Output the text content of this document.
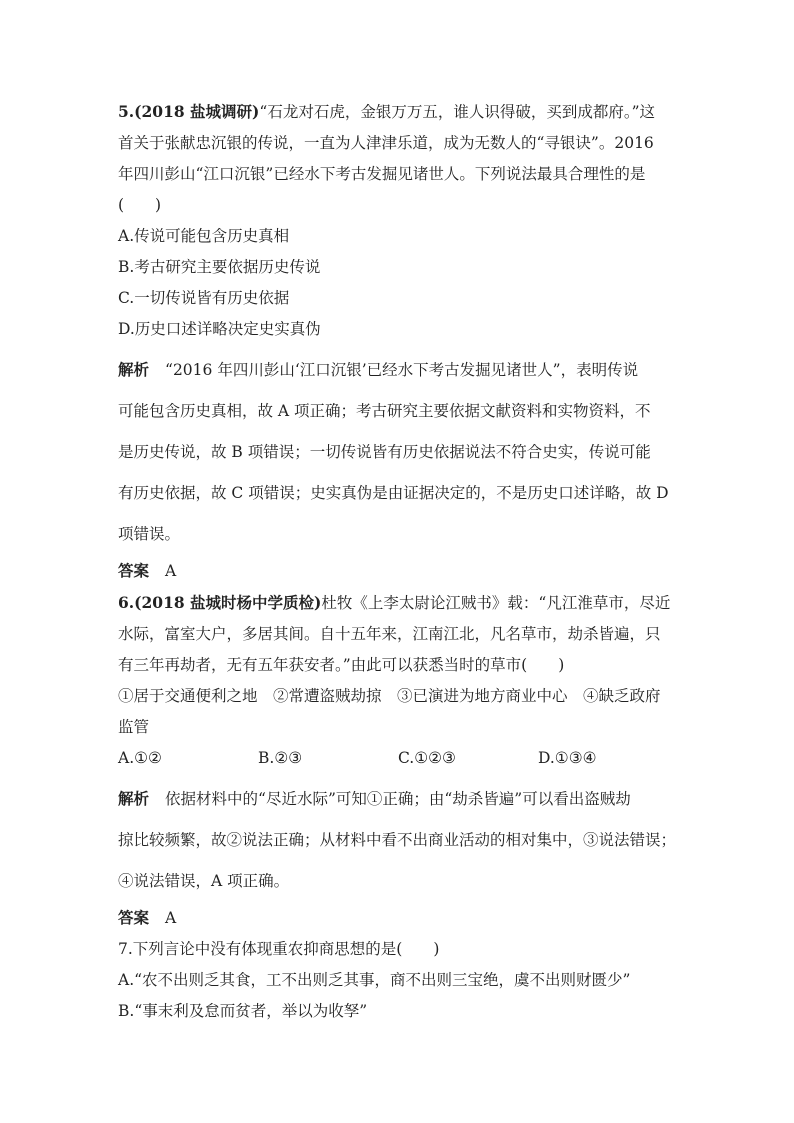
5.(2018 盐城调研)“石龙对石虎，金银万万五，谁人识得破，买到成都府。”这
首关于张献忠沉银的传说，一直为人津津乐道，成为无数人的“寻银诀”。2016
年四川彭山“江口沉银”已经水下考古发掘见诸世人。下列说法最具合理性的是
(　　)
A.传说可能包含历史真相
B.考古研究主要依据历史传说
C.一切传说皆有历史依据
D.历史口述详略决定史实真伪
解析 “2016 年四川彭山‘江口沉银’已经水下考古发掘见诸世人”，表明传说
可能包含历史真相，故 A 项正确；考古研究主要依据文献资料和实物资料，不
是历史传说，故 B 项错误；一切传说皆有历史依据说法不符合史实，传说可能
有历史依据，故 C 项错误；史实真伪是由证据决定的，不是历史口述详略，故 D
项错误。
答案 A
6.(2018 盐城时杨中学质检)杜牧《上李太尉论江贼书》载：“凡江淮草市，尽近
水际，富室大户，多居其间。自十五年来，江南江北，凡名草市，劫杀皆遍，只
有三年再劫者，无有五年获安者。”由此可以获悉当时的草市(　　)
①居于交通便利之地　②常遭盗贼劫掠　③已演进为地方商业中心　④缺乏政府
监管
A.①②	B.②③	C.①②③	D.①③④
解析 依据材料中的“尽近水际”可知①正确；由“劫杀皆遍”可以看出盗贼劫
掠比较频繁，故②说法正确；从材料中看不出商业活动的相对集中，③说法错误；
④说法错误，A 项正确。
答案 A
7.下列言论中没有体现重农抑商思想的是(　　)
A.“农不出则乏其食，工不出则乏其事，商不出则三宝绝，虞不出则财匮少”
B.“事末利及怠而贫者，举以为收孥”
